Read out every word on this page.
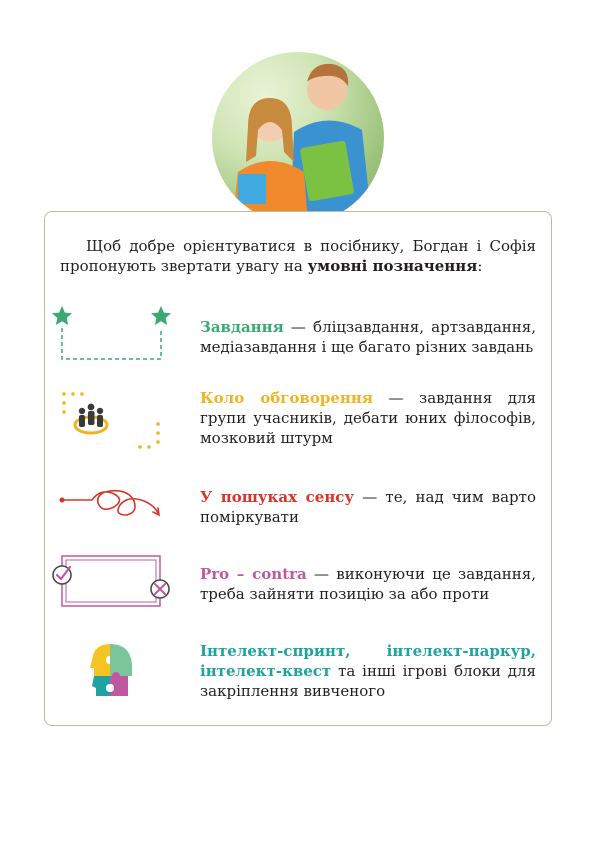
Щоб добре орієнтуватися в посібнику, Богдан і Софія пропонують звертати увагу на умовні позначення:

Завдання — бліцзавдання, артзавдання, медіазавдання і ще багато різних завдань
Коло обговорення — завдання для групи учасників, дебати юних філософів, мозковий штурм
У пошуках сенсу — те, над чим варто поміркувати
Pro – contra — виконуючи це завдання, треба зайняти позицію за або проти
Інтелект-спринт, інтелект-паркур, інтелект-квест та інші ігрові блоки для закріплення вивченого
